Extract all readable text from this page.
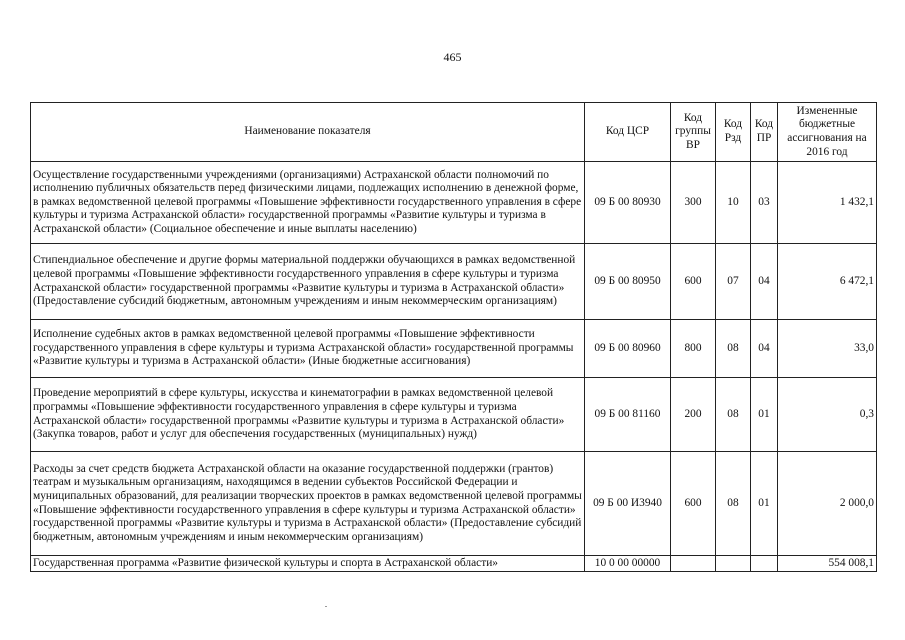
465
Наименование показателя	Код ЦСР	Код группы ВР	Код Рзд	Код ПР	Измененные бюджетные ассигнования на 2016 год
Осуществление государственными учреждениями (организациями) Астраханской области полномочий по исполнению публичных обязательств перед физическими лицами, подлежащих исполнению в денежной форме, в рамках ведомственной целевой программы «Повышение эффективности государственного управления в сфере культуры и туризма Астраханской области» государственной программы «Развитие культуры и туризма в Астраханской области» (Социальное обеспечение и иные выплаты населению)	09 Б 00 80930	300	10	03	1 432,1
Стипендиальное обеспечение и другие формы материальной поддержки обучающихся в рамках ведомственной целевой программы «Повышение эффективности государственного управления в сфере культуры и туризма Астраханской области» государственной программы «Развитие культуры и туризма в Астраханской области» (Предоставление субсидий бюджетным, автономным учреждениям и иным некоммерческим организациям)	09 Б 00 80950	600	07	04	6 472,1
Исполнение судебных актов в рамках ведомственной целевой программы «Повышение эффективности государственного управления в сфере культуры и туризма Астраханской области» государственной программы «Развитие культуры и туризма в Астраханской области» (Иные бюджетные ассигнования)	09 Б 00 80960	800	08	04	33,0
Проведение мероприятий в сфере культуры, искусства и кинематографии в рамках ведомственной целевой программы «Повышение эффективности государственного управления в сфере культуры и туризма Астраханской области» государственной программы «Развитие культуры и туризма в Астраханской области» (Закупка товаров, работ и услуг для обеспечения государственных (муниципальных) нужд)	09 Б 00 81160	200	08	01	0,3
Расходы за счет средств бюджета Астраханской области на оказание государственной поддержки (грантов) театрам и музыкальным организациям, находящимся в ведении субъектов Российской Федерации и муниципальных образований, для реализации творческих проектов в рамках ведомственной целевой программы «Повышение эффективности государственного управления в сфере культуры и туризма Астраханской области» государственной программы «Развитие культуры и туризма в Астраханской области» (Предоставление субсидий бюджетным, автономным учреждениям и иным некоммерческим организациям)	09 Б 00 И3940	600	08	01	2 000,0
Государственная программа «Развитие физической культуры и спорта в Астраханской области»	10 0 00 00000				554 008,1
